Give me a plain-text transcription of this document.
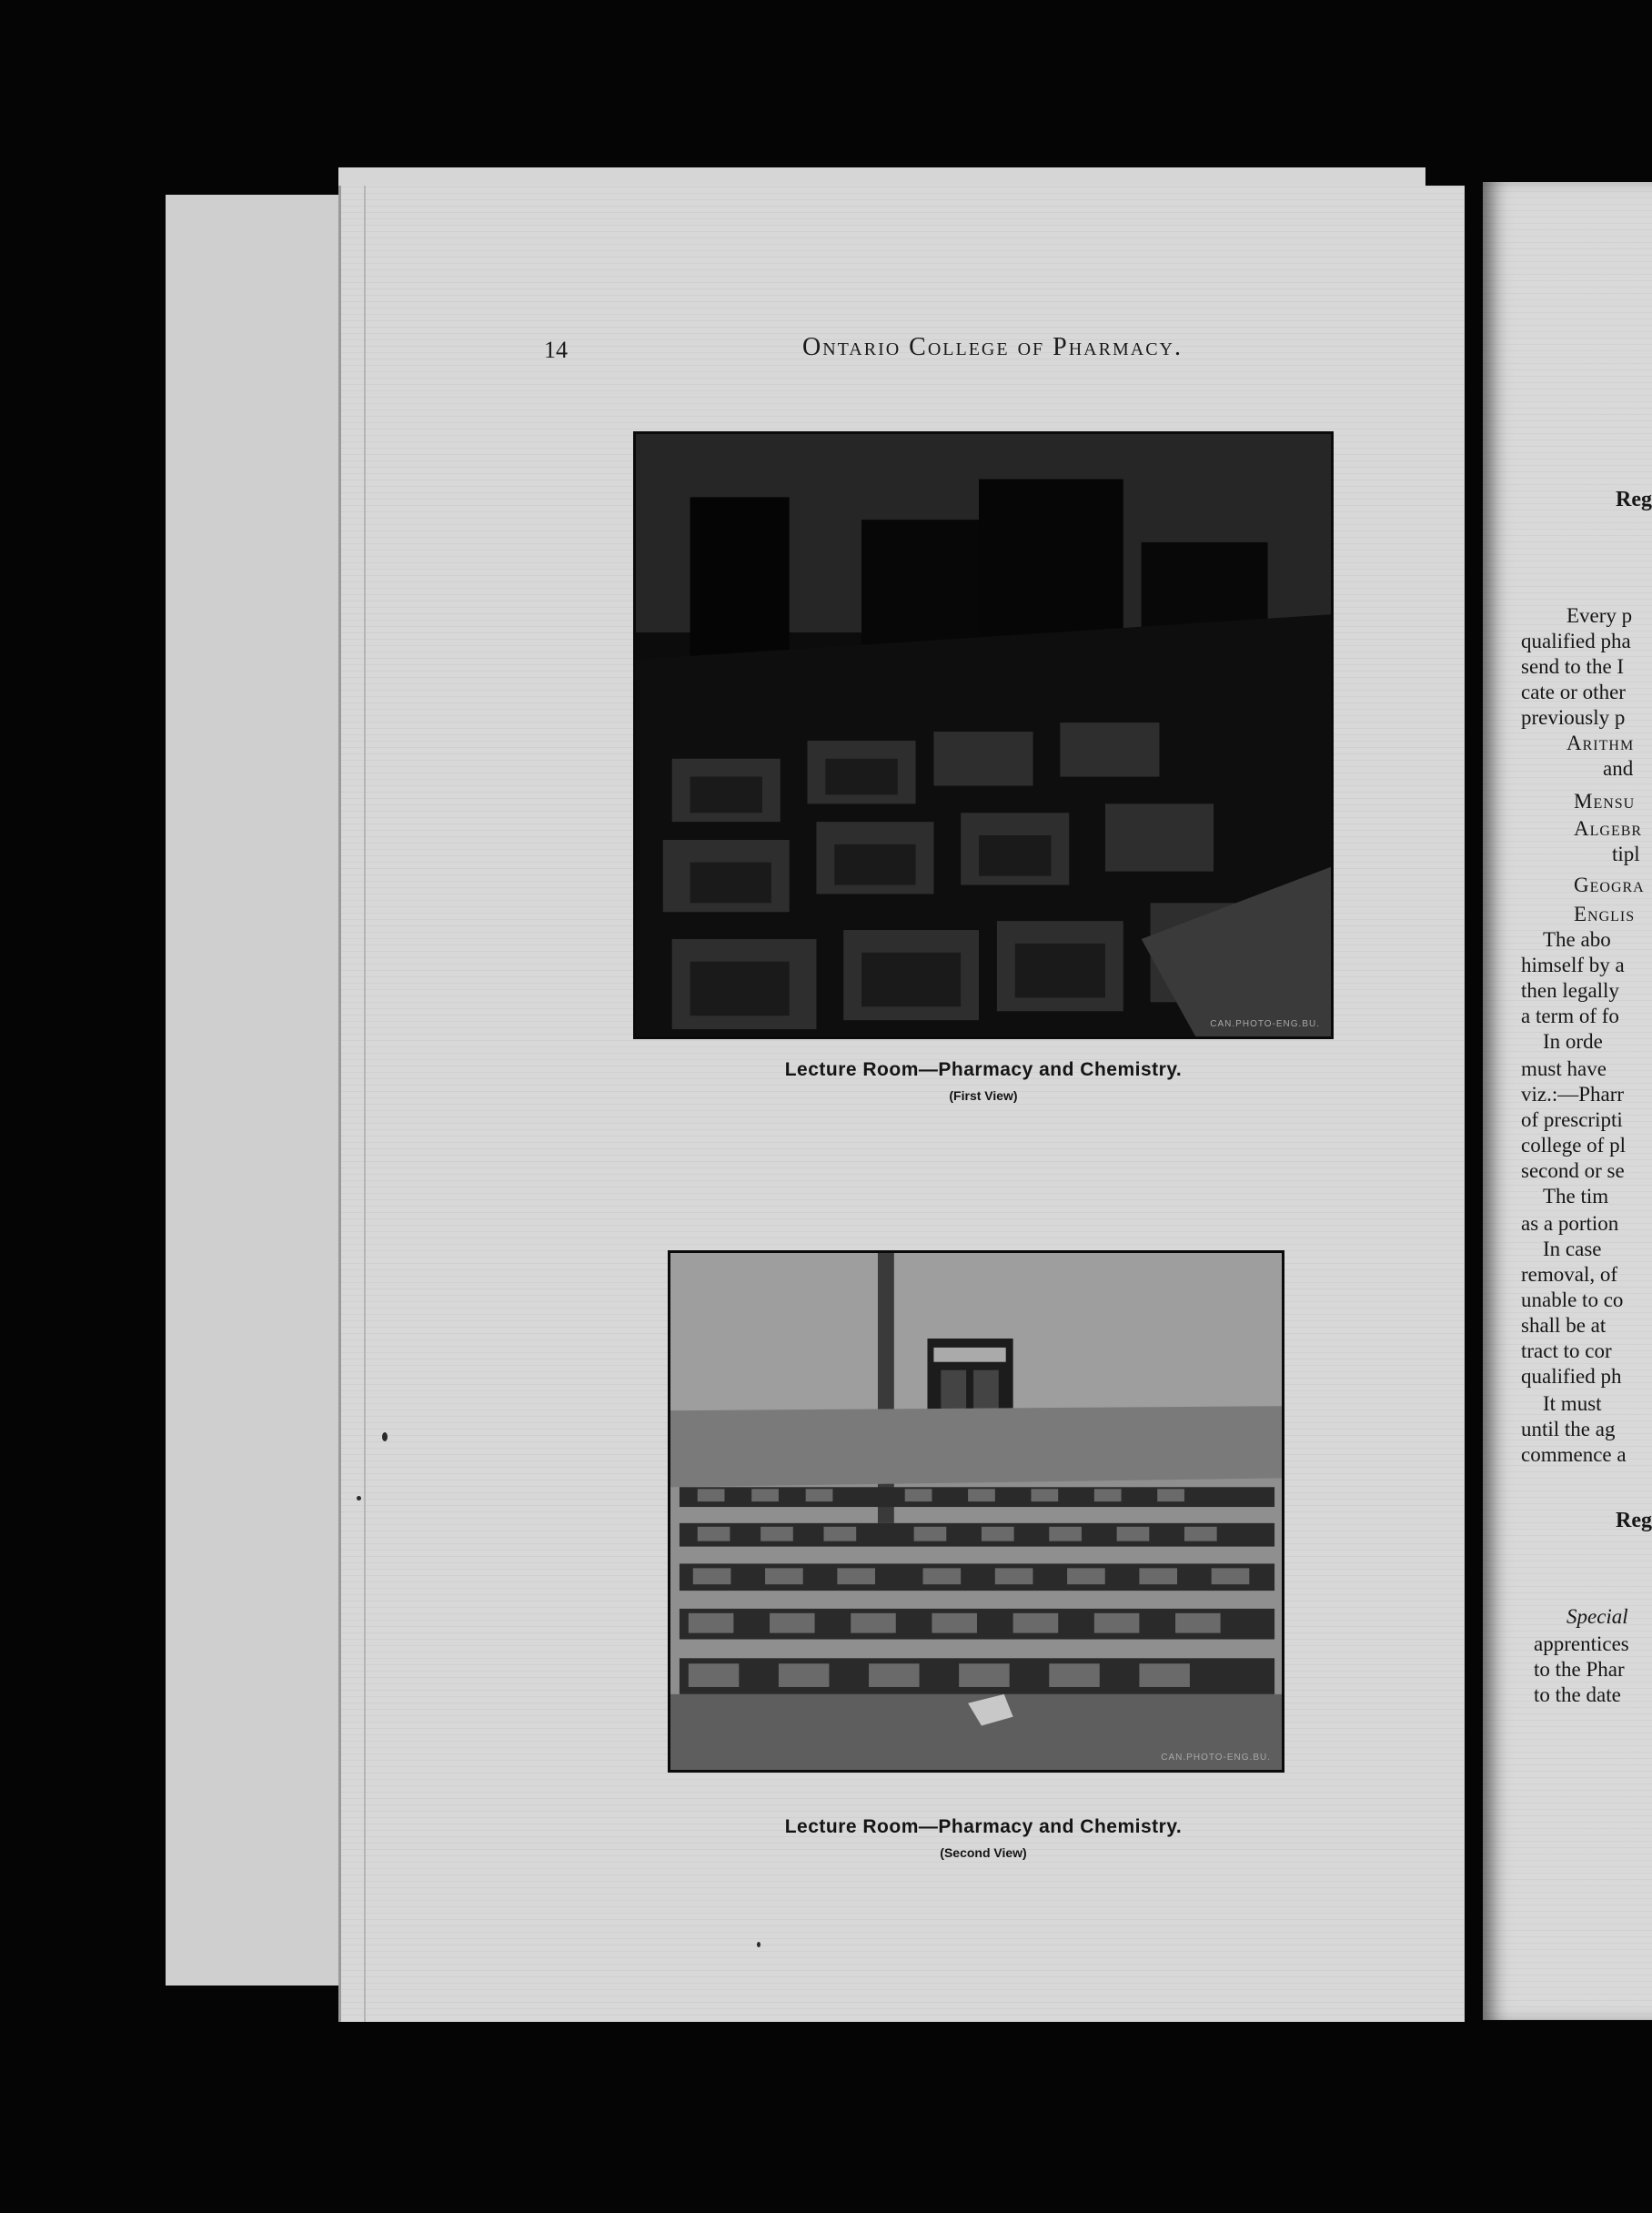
14	Ontario College of Pharmacy.
CAN.PHOTO-ENG.BU.
Lecture Room—Pharmacy and Chemistry.
(First View)
CAN.PHOTO-ENG.BU.
Lecture Room—Pharmacy and Chemistry.
(Second View)
Reg
Every p
qualified pha
send to the I
cate or other
previously p
Arithm
and
Mensu
Algebr
tipl
Geogra
Englis
The abo
himself by a
then legally
a term of fo
In orde
must have
viz.:—Pharr
of prescripti
college of pl
second or se
The tim
as a portion
In case
removal, of
unable to co
shall be at
tract to cor
qualified ph
It must
until the ag
commence a
Reg
Special
apprentices
to the Phar
to the date
